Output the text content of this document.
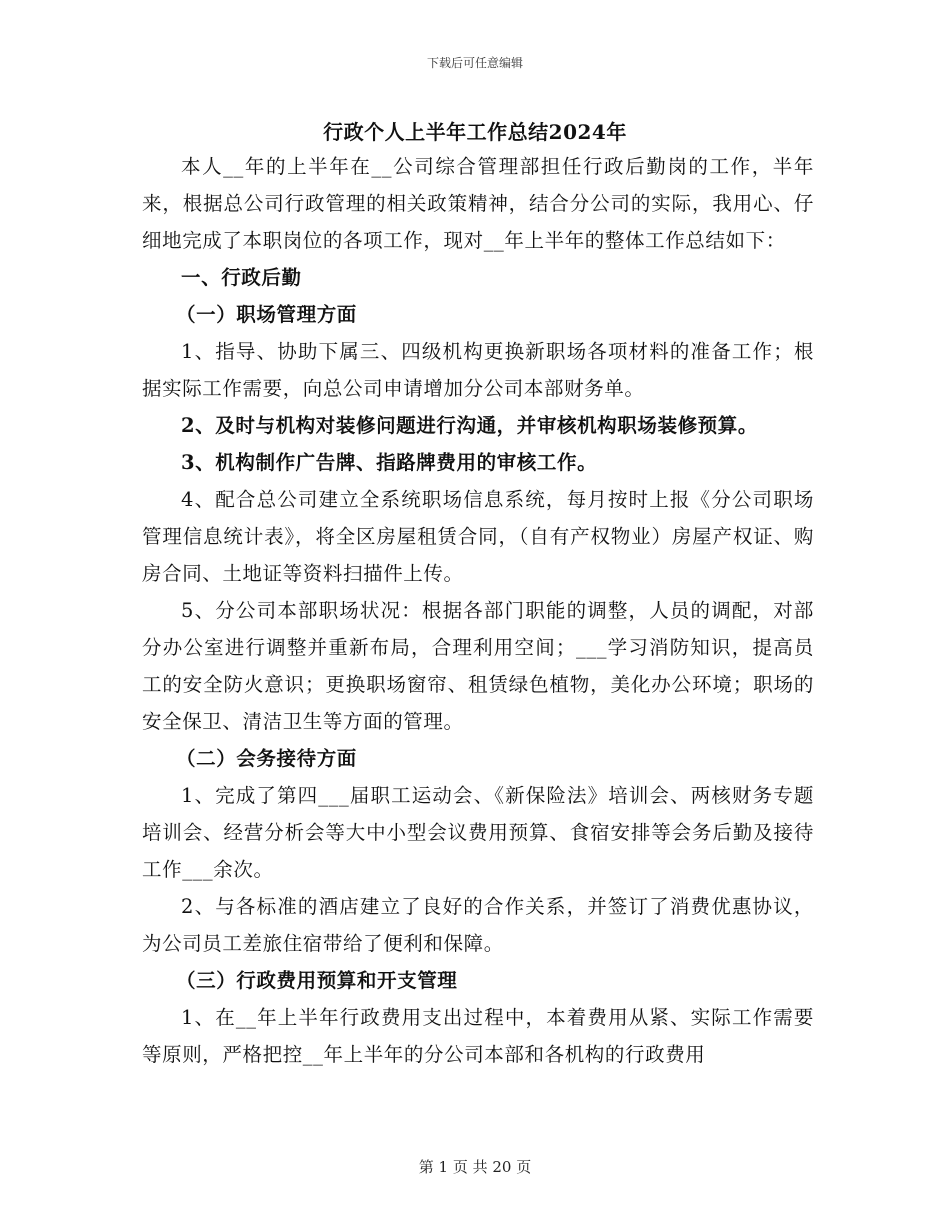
下载后可任意编辑
行政个人上半年工作总结2024年

本人__年的上半年在__公司综合管理部担任行政后勤岗的工作，半年来，根据总公司行政管理的相关政策精神，结合分公司的实际，我用心、仔细地完成了本职岗位的各项工作，现对__年上半年的整体工作总结如下：

一、行政后勤

（一）职场管理方面

1、指导、协助下属三、四级机构更换新职场各项材料的准备工作；根据实际工作需要，向总公司申请增加分公司本部财务单。

2、及时与机构对装修问题进行沟通，并审核机构职场装修预算。

3、机构制作广告牌、指路牌费用的审核工作。

4、配合总公司建立全系统职场信息系统，每月按时上报《分公司职场管理信息统计表》，将全区房屋租赁合同，（自有产权物业）房屋产权证、购房合同、土地证等资料扫描件上传。

5、分公司本部职场状况：根据各部门职能的调整，人员的调配，对部分办公室进行调整并重新布局，合理利用空间；___学习消防知识，提高员工的安全防火意识；更换职场窗帘、租赁绿色植物，美化办公环境；职场的安全保卫、清洁卫生等方面的管理。

（二）会务接待方面

1、完成了第四___届职工运动会、《新保险法》培训会、两核财务专题培训会、经营分析会等大中小型会议费用预算、食宿安排等会务后勤及接待工作___余次。

2、与各标准的酒店建立了良好的合作关系，并签订了消费优惠协议，为公司员工差旅住宿带给了便利和保障。

（三）行政费用预算和开支管理

1、在__年上半年行政费用支出过程中，本着费用从紧、实际工作需要等原则，严格把控__年上半年的分公司本部和各机构的行政费用

第 1 页 共 20 页
